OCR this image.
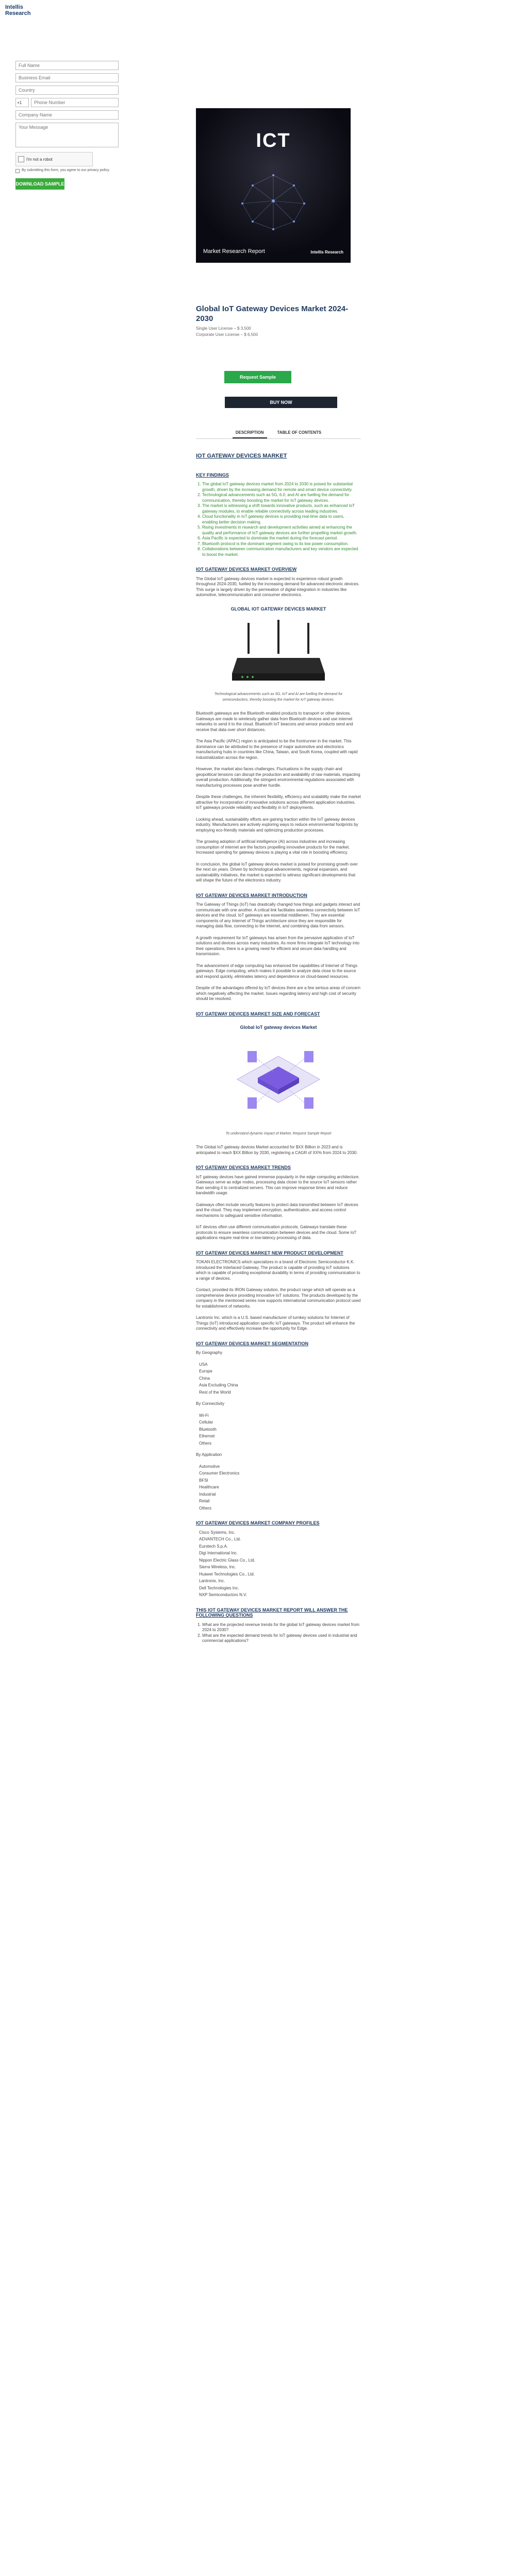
Intellis
Research
Full Name Business Email Country
+1
Phone Number
Company Name Your Message
I'm not a robot
By submitting this form, you agree to our privacy policy.
DOWNLOAD SAMPLE
ICT
Market Research Report	Intellis Research
Global IoT Gateway Devices Market 2024-2030
Single User License – $ 3,500
Corporate User License – $ 6,500
Request Sample
BUY NOW
DESCRIPTION	TABLE OF CONTENTS
IOT GATEWAY DEVICES MARKET
KEY FINDINGS
1. The global IoT gateway devices market from 2024 to 2030 is poised for substantial growth, driven by the increasing demand for remote and smart device connectivity.
2. Technological advancements such as 5G, 6.0, and AI are fuelling the demand for communication, thereby boosting the market for IoT gateway devices.
3. The market is witnessing a shift towards innovative products, such as enhanced IoT gateway modules, to enable reliable connectivity across leading industries.
4. Cloud functionality in IoT gateway devices is providing real-time data to users, enabling better decision making.
5. Rising investments in research and development activities aimed at enhancing the quality and performance of IoT gateway devices are further propelling market growth.
6. Asia Pacific is expected to dominate the market during the forecast period.
7. Bluetooth protocol is the dominant segment owing to its low power consumption.
8. Collaborations between communication manufacturers and key vendors are expected to boost the market.
IOT GATEWAY DEVICES MARKET OVERVIEW

The Global IoT gateway devices market is expected to experience robust growth throughout 2024-2030, fuelled by the increasing demand for advanced electronic devices. This surge is largely driven by the permeation of digital integration in industries like automotive, telecommunication and consumer electronics.

GLOBAL IOT GATEWAY DEVICES MARKET
Technological advancements such as 5G, IoT and AI are fuelling the demand for semiconductors, thereby boosting the market for IoT gateway devices.

Bluetooth gateways are the Bluetooth enabled products to transport or other devices. Gateways are made to wirelessly gather data from Bluetooth devices and use internet networks to send it to the cloud. Bluetooth IoT beacons and sensor products send and receive that data over short distances.

The Asia Pacific (APAC) region is anticipated to be the frontrunner in the market. This dominance can be attributed to the presence of major automotive and electronics manufacturing hubs in countries like China, Taiwan, and South Korea, coupled with rapid industrialization across the region.

However, the market also faces challenges. Fluctuations in the supply chain and geopolitical tensions can disrupt the production and availability of raw materials, impacting overall production. Additionally, the stringent environmental regulations associated with manufacturing processes pose another hurdle.

Despite these challenges, the inherent flexibility, efficiency and scalability make the market attractive for incorporation of innovative solutions across different application industries. IoT gateways provide reliability and flexibility in IoT deployments.

Looking ahead, sustainability efforts are gaining traction within the IoT gateway devices industry. Manufacturers are actively exploring ways to reduce environmental footprints by employing eco-friendly materials and optimizing production processes.

The growing adoption of artificial intelligence (AI) across industries and increasing consumption of internet are the factors propelling innovative products for the market. Increased spending for gateway devices is playing a vital role in boosting efficiency.

In conclusion, the global IoT gateway devices market is poised for promising growth over the next six years. Driven by technological advancements, regional expansion, and sustainability initiatives, the market is expected to witness significant developments that will shape the future of the electronics industry.

IOT GATEWAY DEVICES MARKET INTRODUCTION

The Gateway of Things (IoT) has drastically changed how things and gadgets interact and communicate with one another. A critical link facilitates seamless connectivity between IoT devices and the cloud. IoT gateways are essential middlemen. They are essential components of any Internet of Things architecture since they are responsible for managing data flow, connecting to the internet, and combining data from sensors.

A growth requirement for IoT gateways has arisen from the pervasive application of IoT solutions and devices across many industries. As more firms integrate IoT technology into their operations, there is a growing need for efficient and secure data handling and transmission.

The advancement of edge computing has enhanced the capabilities of Internet of Things gateways. Edge computing, which makes it possible to analyze data close to the source and respond quickly, eliminates latency and dependence on cloud-based resources.

Despite of the advantages offered by IoT devices there are a few serious areas of concern which negatively affecting the market. Issues regarding latency and high cost of security should be resolved.

IOT GATEWAY DEVICES MARKET SIZE AND FORECAST
Global IoT gateway devices Market
To understand dynamic impact of Market, Request Sample Report

The Global IoT gateway devices Market accounted for $XX Billion in 2023 and is anticipated to reach $XX Billion by 2030, registering a CAGR of XX% from 2024 to 2030.

IOT GATEWAY DEVICES MARKET TRENDS

IoT gateway devices have gained immense popularity in the edge computing architecture. Gateways serve as edge nodes, processing data closer to the source IoT sensors rather than sending it to centralized servers. This can improve response times and reduce bandwidth usage.

Gateways often include security features to protect data transmitted between IoT devices and the cloud. They may implement encryption, authentication, and access control mechanisms to safeguard sensitive information.

IoT devices often use different communication protocols. Gateways translate these protocols to ensure seamless communication between devices and the cloud. Some IoT applications require real-time or low-latency processing of data.

IOT GATEWAY DEVICES MARKET NEW PRODUCT DEVELOPMENT

TOKAN ELECTRONICS which specializes in a brand of Electronic Semiconductor K.K. introduced the Interlaced Gateway. The product is capable of providing IoT solutions which is capable of providing exceptional durability in terms of providing communication to a range of devices.

Contact, provided its IRON Gateway solution, the product range which will operate as a comprehensive device providing innovative IoT solutions. The products developed by the company in the mentioned series now supports international communication protocol used for establishment of networks.

Lantronix Inc. which is a U.S. based manufacturer of turnkey solutions for Internet of Things (IoT) introduced application specific IoT gateways. The product will enhance the connectivity and effectively increase the opportunity for Edge.

IOT GATEWAY DEVICES MARKET SEGMENTATION

By Geography

USA
Europe
China
Asia Excluding China
Rest of the World

By Connectivity

Wi-Fi
Cellular
Bluetooth
Ethernet
Others

By Application

Automotive
Consumer Electronics
BFSI
Healthcare
Industrial
Retail
Others
IOT GATEWAY DEVICES MARKET COMPANY PROFILES
Cisco Systems, Inc.
ADVANTECH Co., Ltd.
Eurotech S.p.A.
Digi International Inc.
Nippon Electric Glass Co., Ltd.
Sierra Wireless, Inc.
Huawei Technologies Co., Ltd.
Lantronix, Inc.
Dell Technologies Inc.
NXP Semiconductors N.V.
THIS IOT GATEWAY DEVICES MARKET REPORT WILL ANSWER THE FOLLOWING QUESTIONS
1. What are the projected revenue trends for the global IoT gateway devices market from 2024 to 2030?
2. What are the expected demand trends for IoT gateway devices used in industrial and commercial applications?
